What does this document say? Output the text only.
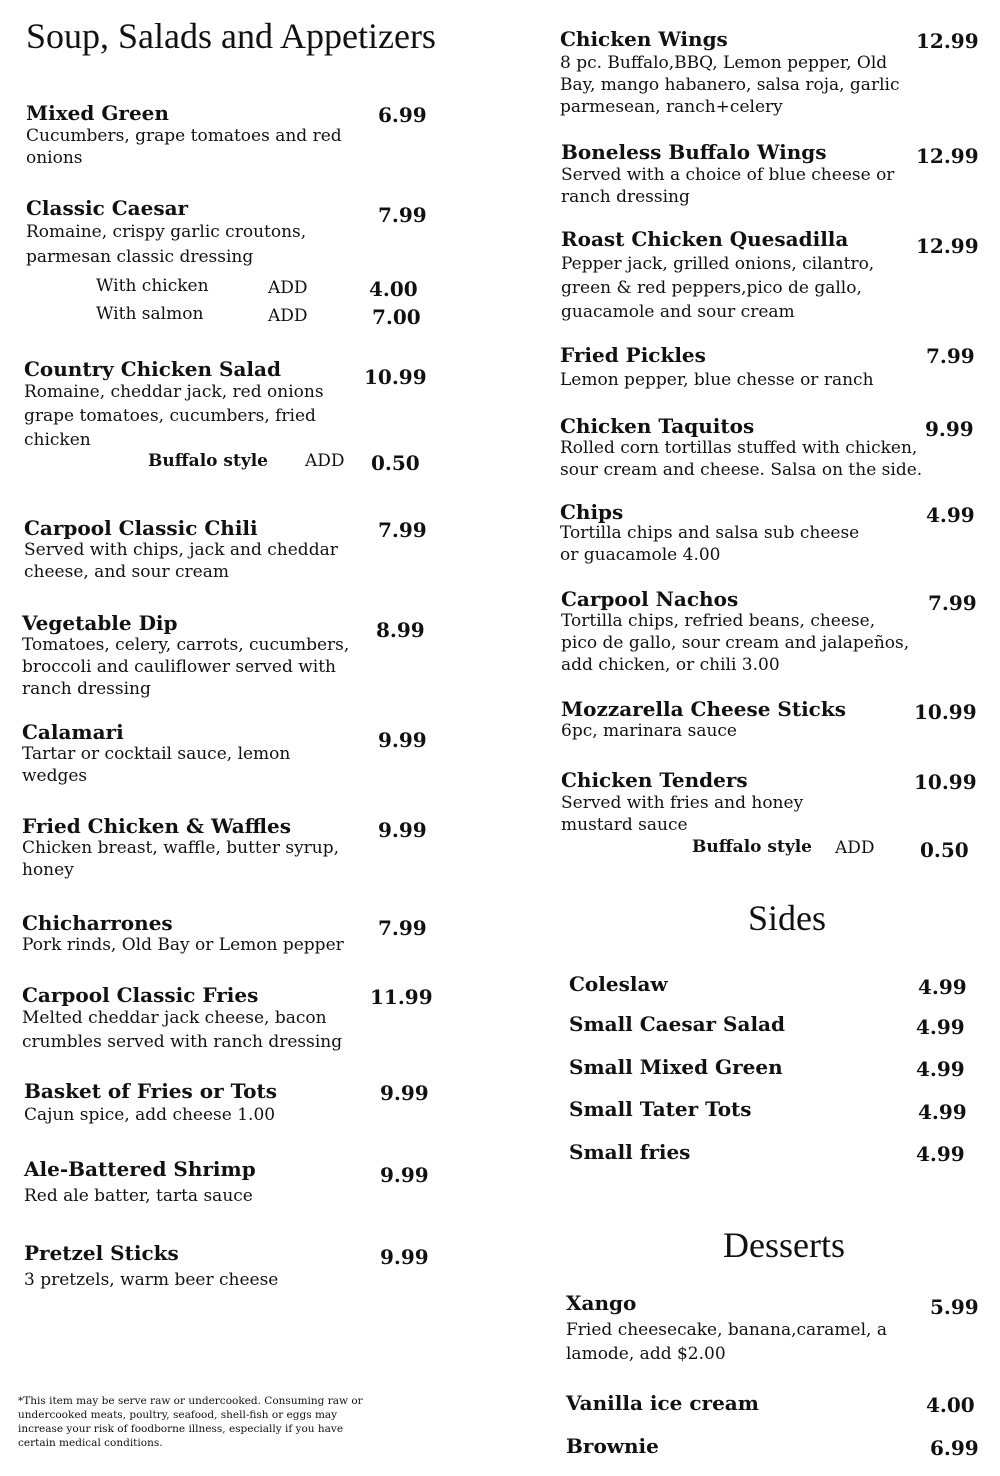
Soup, Salads and Appetizers
Mixed Green	6.99
Cucumbers, grape tomatoes and red onions
Classic Caesar	7.99
Romaine, crispy garlic croutons, parmesan classic dressing
With chicken	ADD	4.00
With salmon	ADD	7.00
Country Chicken Salad	10.99
Romaine, cheddar jack, red onions grape tomatoes, cucumbers, fried chicken
Buffalo style ADD 0.50
Carpool Classic Chili	7.99
Served with chips, jack and cheddar cheese, and sour cream
Vegetable Dip	8.99
Tomatoes, celery, carrots, cucumbers, broccoli and cauliflower served with ranch dressing
Calamari	9.99
Tartar or cocktail sauce, lemon wedges
Fried Chicken & Waffles	9.99
Chicken breast, waffle, butter syrup, honey
Chicharrones	7.99
Pork rinds, Old Bay or Lemon pepper
Carpool Classic Fries	11.99
Melted cheddar jack cheese, bacon crumbles served with ranch dressing
Basket of Fries or Tots	9.99
Cajun spice, add cheese 1.00
Ale-Battered Shrimp	9.99
Red ale batter, tarta sauce
Pretzel Sticks	9.99
3 pretzels, warm beer cheese
*This item may be serve raw or undercooked. Consuming raw or undercooked meats, poultry, seafood, shell-fish or eggs may increase your risk of foodborne illness, especially if you have certain medical conditions.
Chicken Wings	12.99
8 pc. Buffalo,BBQ, Lemon pepper, Old Bay, mango habanero, salsa roja, garlic parmesean, ranch+celery
Boneless Buffalo Wings	12.99
Served with a choice of blue cheese or ranch dressing
Roast Chicken Quesadilla	12.99
Pepper jack, grilled onions, cilantro, green & red peppers,pico de gallo, guacamole and sour cream
Fried Pickles	7.99
Lemon pepper, blue chesse or ranch
Chicken Taquitos	9.99
Rolled corn tortillas stuffed with chicken, sour cream and cheese. Salsa on the side.
Chips	4.99
Tortilla chips and salsa sub cheese or guacamole 4.00
Carpool Nachos	7.99
Tortilla chips, refried beans, cheese, pico de gallo, sour cream and jalapeños, add chicken, or chili 3.00
Mozzarella Cheese Sticks	10.99
6pc, marinara sauce
Chicken Tenders	10.99
Served with fries and honey mustard sauce
Buffalo style ADD 0.50
Sides
Coleslaw	4.99
Small Caesar Salad	4.99
Small Mixed Green	4.99
Small Tater Tots	4.99
Small fries	4.99
Desserts
Xango	5.99
Fried cheesecake, banana,caramel, a lamode, add $2.00
Vanilla ice cream	4.00
Brownie	6.99
